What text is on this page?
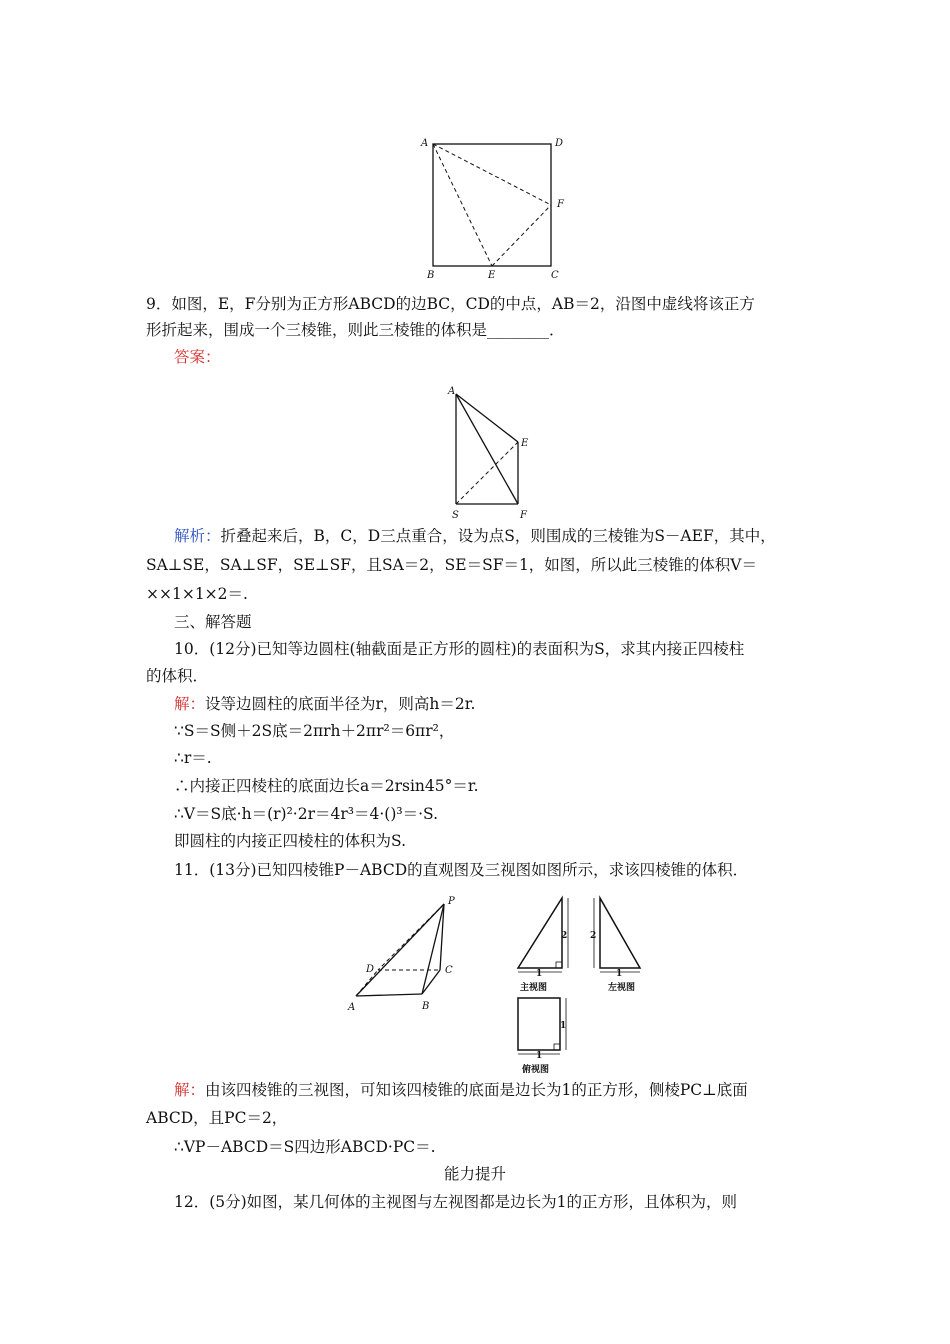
A	D
F
B	E	C
9．如图，E，F分别为正方形ABCD的边BC，CD的中点，AB＝2，沿图中虚线将该正方
形折起来，围成一个三棱锥，则此三棱锥的体积是________．
答案：
A
E
S	F
解析：折叠起来后，B，C，D三点重合，设为点S，则围成的三棱锥为S－AEF，其中，
SA⊥SE，SA⊥SF，SE⊥SF，且SA＝2，SE＝SF＝1，如图，所以此三棱锥的体积V＝
××1×1×2＝.
三、解答题
10．(12分)已知等边圆柱(轴截面是正方形的圆柱)的表面积为S，求其内接正四棱柱
的体积．
解：设等边圆柱的底面半径为r，则高h＝2r.
∵S＝S侧＋2S底＝2πrh＋2πr²＝6πr²，
∴r＝.
∴内接正四棱柱的底面边长a＝2rsin45°＝r.
∴V＝S底·h＝(r)²·2r＝4r³＝4·()³＝·S.
即圆柱的内接正四棱柱的体积为S.
11．(13分)已知四棱锥P－ABCD的直观图及三视图如图所示，求该四棱锥的体积．
P
D	C
A	B
2
1
主视图
2
1
左视图
1
1
俯视图
解：由该四棱锥的三视图，可知该四棱锥的底面是边长为1的正方形，侧棱PC⊥底面
ABCD，且PC＝2，
∴VP－ABCD＝S四边形ABCD·PC＝.
能力提升
12．(5分)如图，某几何体的主视图与左视图都是边长为1的正方形，且体积为，则
